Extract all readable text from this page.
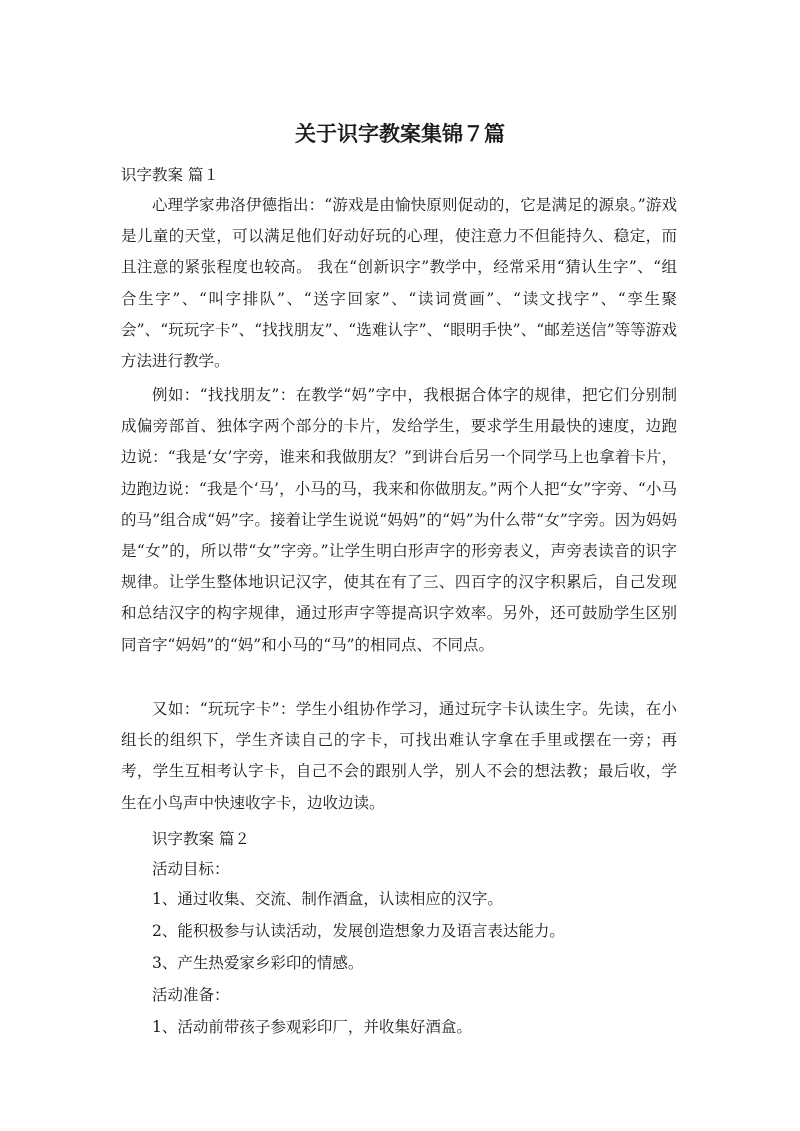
关于识字教案集锦７篇

识字教案 篇１

心理学家弗洛伊德指出：“游戏是由愉快原则促动的，它是满足的源泉。”游戏是儿童的天堂，可以满足他们好动好玩的心理，使注意力不但能持久、稳定，而且注意的紧张程度也较高。 我在“创新识字”教学中，经常采用“猜认生字”、“组合生字”、“叫字排队”、“送字回家”、“读词赏画”、“读文找字”、“孪生聚会”、“玩玩字卡”、“找找朋友”、“选难认字”、“眼明手快”、“邮差送信”等等游戏方法进行教学。

例如：“找找朋友”：在教学“妈”字中，我根据合体字的规律，把它们分别制成偏旁部首、独体字两个部分的卡片，发给学生，要求学生用最快的速度，边跑边说：“我是‘女’字旁，谁来和我做朋友？”到讲台后另一个同学马上也拿着卡片，边跑边说：“我是个‘马’，小马的马，我来和你做朋友。”两个人把“女”字旁、“小马的马”组合成“妈”字。接着让学生说说“妈妈”的“妈”为什么带“女”字旁。因为妈妈是“女”的，所以带“女”字旁。”让学生明白形声字的形旁表义，声旁表读音的识字规律。让学生整体地识记汉字，使其在有了三、四百字的汉字积累后，自己发现和总结汉字的构字规律，通过形声字等提高识字效率。另外，还可鼓励学生区别同音字“妈妈”的“妈”和小马的“马”的相同点、不同点。

又如：“玩玩字卡”：学生小组协作学习，通过玩字卡认读生字。先读，在小组长的组织下，学生齐读自己的字卡，可找出难认字拿在手里或摆在一旁；再考，学生互相考认字卡，自己不会的跟别人学，别人不会的想法教；最后收，学生在小鸟声中快速收字卡，边收边读。

识字教案 篇２

活动目标：

1、通过收集、交流、制作酒盒，认读相应的汉字。

2、能积极参与认读活动，发展创造想象力及语言表达能力。

3、产生热爱家乡彩印的情感。

活动准备：

1、活动前带孩子参观彩印厂，并收集好酒盒。
